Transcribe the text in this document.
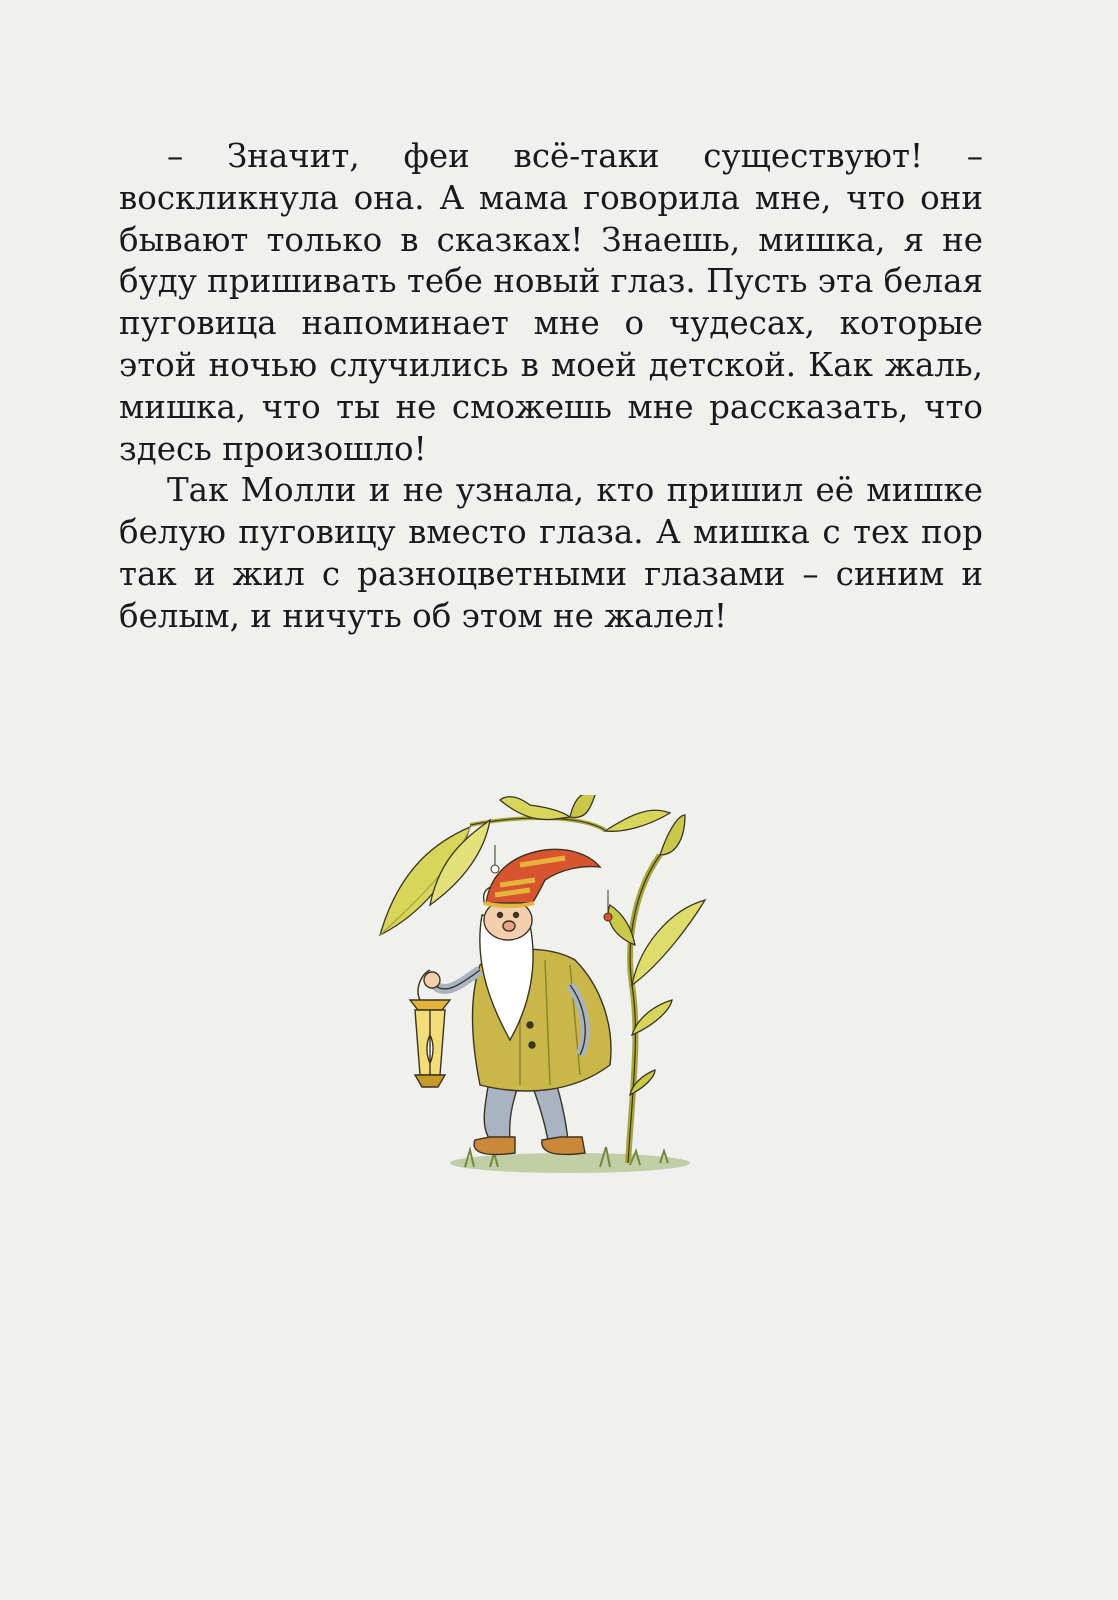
– Значит, феи всё-таки существуют! – воскликнула она. А мама говорила мне, что они бывают только в сказках! Знаешь, мишка, я не буду пришивать тебе новый глаз. Пусть эта белая пуговица напоминает мне о чудесах, которые этой ночью случились в моей детской. Как жаль, мишка, что ты не сможешь мне рассказать, что здесь произошло!

Так Молли и не узнала, кто пришил её мишке белую пуговицу вместо глаза. А мишка с тех пор так и жил с разноцветными глазами – синим и белым, и ничуть об этом не жалел!
